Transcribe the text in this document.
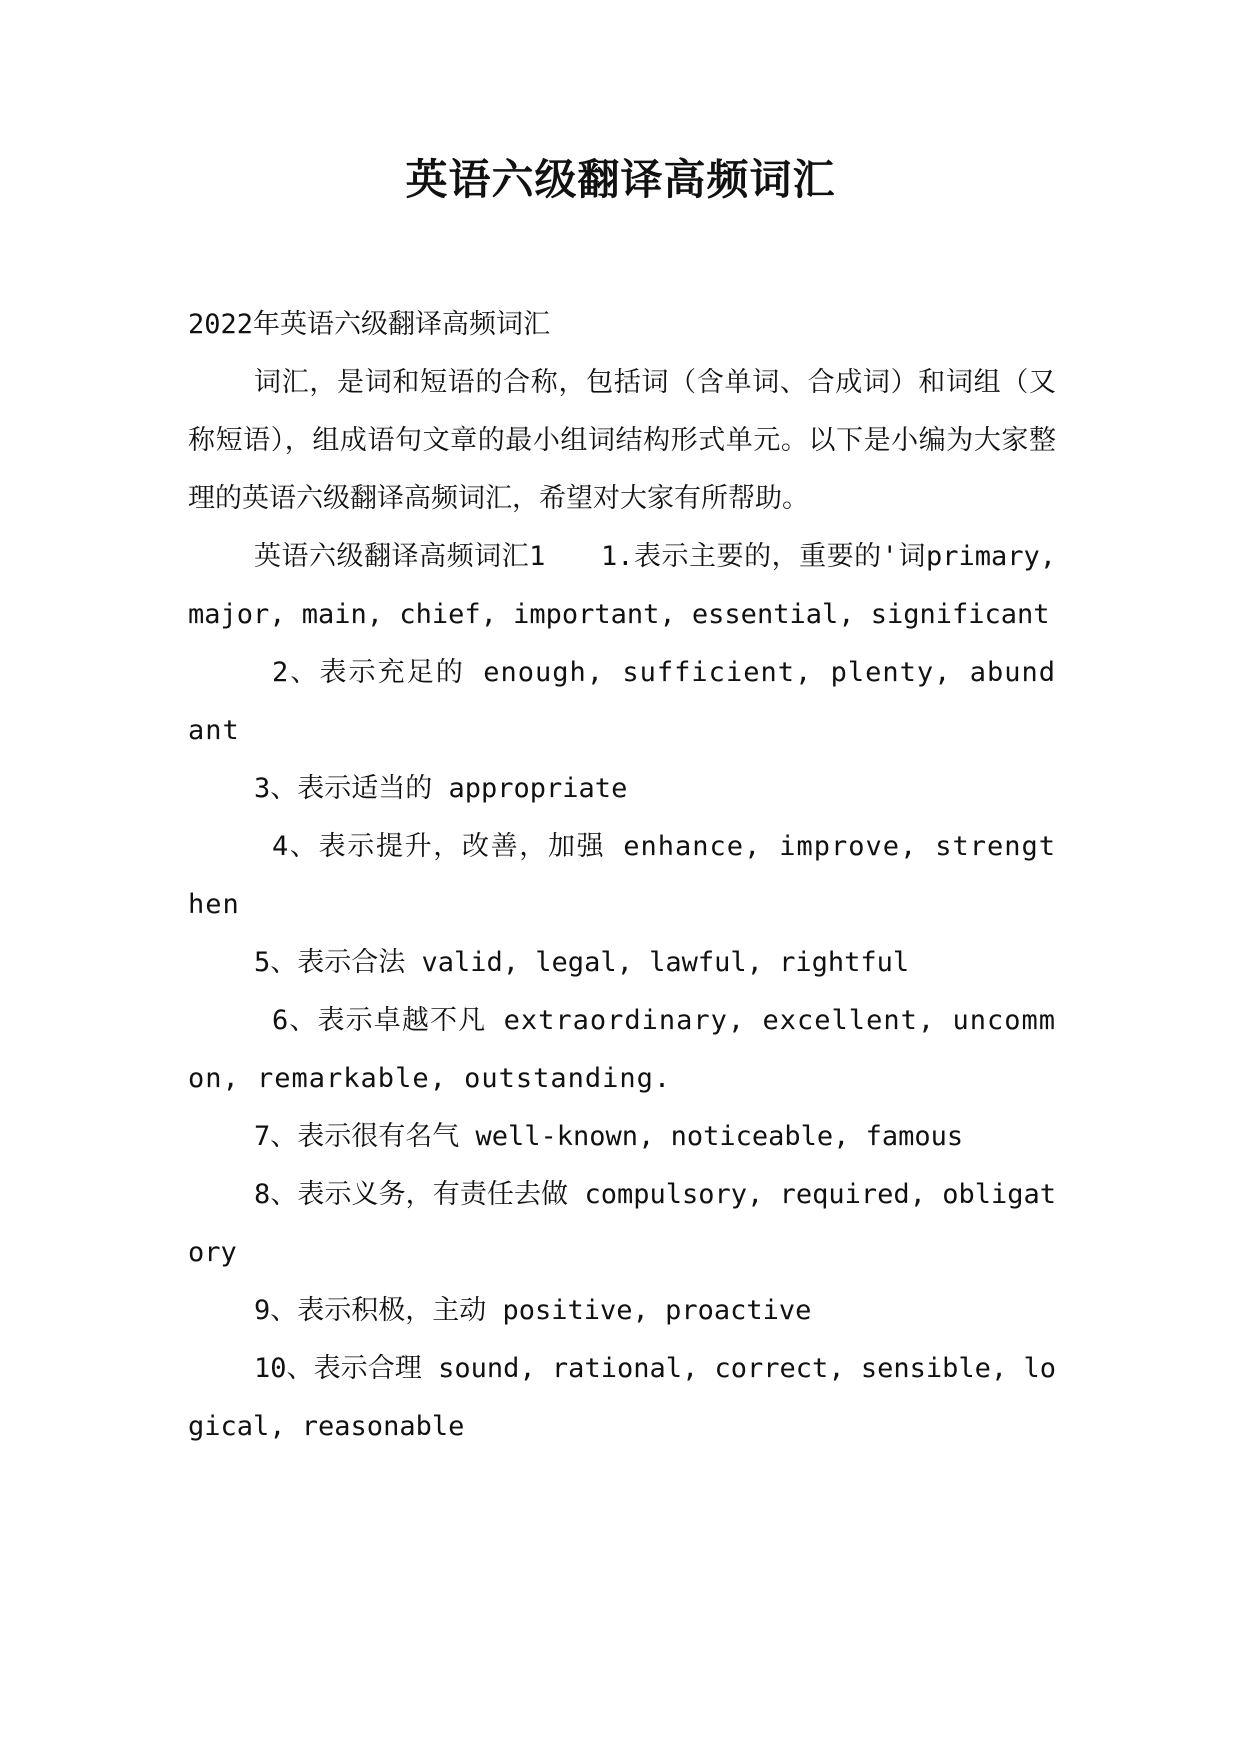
英语六级翻译高频词汇

2022年英语六级翻译高频词汇

词汇，是词和短语的合称，包括词（含单词、合成词）和词组（又称短语），组成语句文章的最小组词结构形式单元。以下是小编为大家整理的英语六级翻译高频词汇，希望对大家有所帮助。

英语六级翻译高频词汇1　　1.表示主要的，重要的'词primary, major, main, chief, important, essential, significant

2、表示充足的 enough, sufficient, plenty, abundant

3、表示适当的 appropriate

4、表示提升，改善，加强 enhance, improve, strengthen

5、表示合法 valid, legal, lawful, rightful

6、表示卓越不凡 extraordinary, excellent, uncommon, remarkable, outstanding.

7、表示很有名气 well-known, noticeable, famous

8、表示义务，有责任去做 compulsory, required, obligatory

9、表示积极，主动 positive, proactive

10、表示合理 sound, rational, correct, sensible, logical, reasonable
